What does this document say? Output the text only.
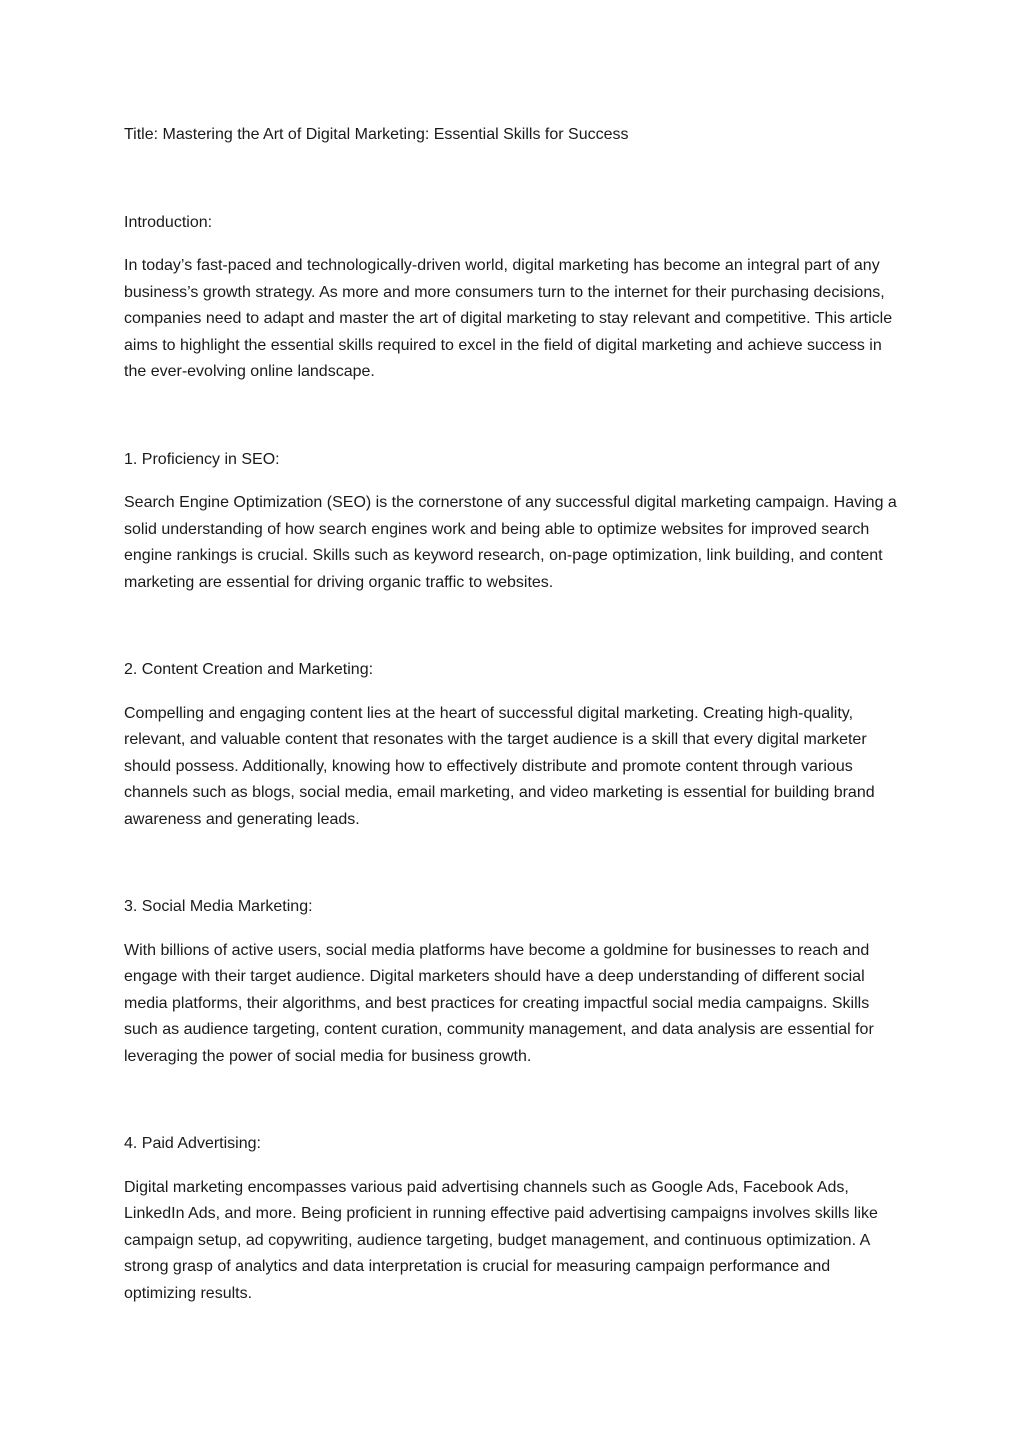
Title: Mastering the Art of Digital Marketing: Essential Skills for Success

Introduction:

In today’s fast-paced and technologically-driven world, digital marketing has become an integral part of any business’s growth strategy. As more and more consumers turn to the internet for their purchasing decisions, companies need to adapt and master the art of digital marketing to stay relevant and competitive. This article aims to highlight the essential skills required to excel in the field of digital marketing and achieve success in the ever-evolving online landscape.

1. Proficiency in SEO:

Search Engine Optimization (SEO) is the cornerstone of any successful digital marketing campaign. Having a solid understanding of how search engines work and being able to optimize websites for improved search engine rankings is crucial. Skills such as keyword research, on-page optimization, link building, and content marketing are essential for driving organic traffic to websites.

2. Content Creation and Marketing:

Compelling and engaging content lies at the heart of successful digital marketing. Creating high-quality, relevant, and valuable content that resonates with the target audience is a skill that every digital marketer should possess. Additionally, knowing how to effectively distribute and promote content through various channels such as blogs, social media, email marketing, and video marketing is essential for building brand awareness and generating leads.

3. Social Media Marketing:

With billions of active users, social media platforms have become a goldmine for businesses to reach and engage with their target audience. Digital marketers should have a deep understanding of different social media platforms, their algorithms, and best practices for creating impactful social media campaigns. Skills such as audience targeting, content curation, community management, and data analysis are essential for leveraging the power of social media for business growth.

4. Paid Advertising:

Digital marketing encompasses various paid advertising channels such as Google Ads, Facebook Ads, LinkedIn Ads, and more. Being proficient in running effective paid advertising campaigns involves skills like campaign setup, ad copywriting, audience targeting, budget management, and continuous optimization. A strong grasp of analytics and data interpretation is crucial for measuring campaign performance and optimizing results.
